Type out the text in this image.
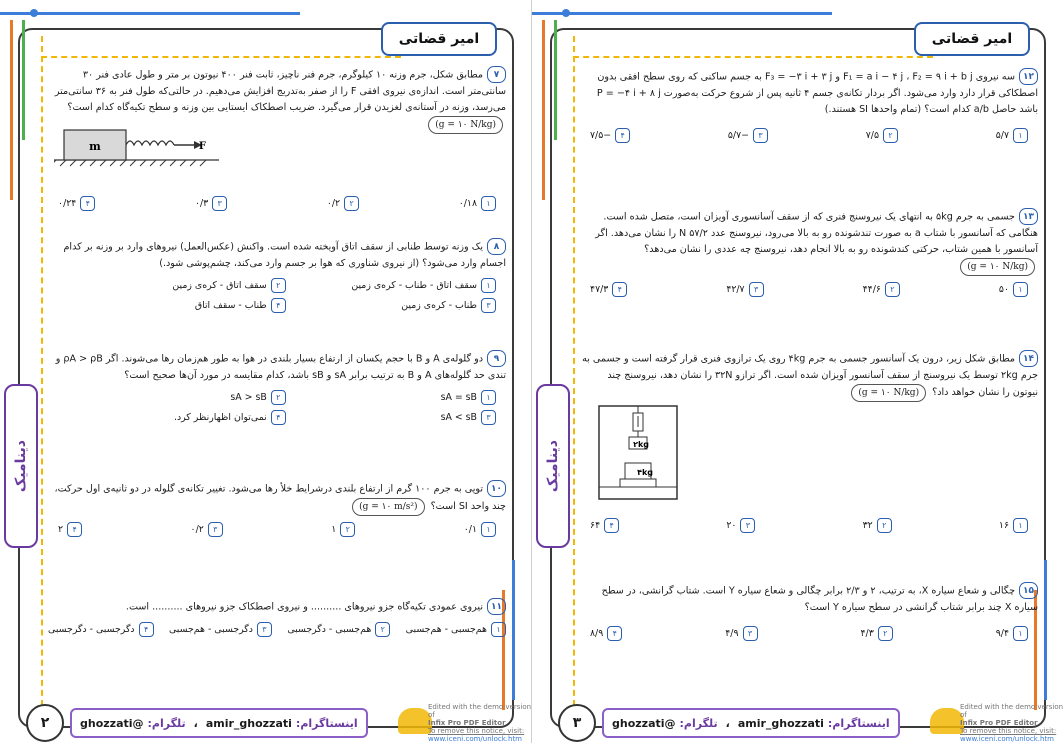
امیر قضاتی
دینامیک
۷مطابق شکل، جرم وزنه ۱۰ کیلوگرم، جرم فنر ناچیز، ثابت فنر ۴۰۰ نیوتون بر متر و طول عادی فنر ۳۰ سانتی‌متر است. اندازه‌ی نیروی افقی F را از صفر به‌تدریج افزایش می‌دهیم. در حالتی‌که طول فنر به ۳۶ سانتی‌متر می‌رسد، وزنه در آستانه‌ی لغزیدن قرار می‌گیرد. ضریب اصطکاک ایستایی بین وزنه و سطح تکیه‌گاه کدام است؟ (g = ۱۰ N/kg)
۱
۰/۱۸
۲
۰/۲
۳
۰/۳
۴
۰/۲۴
m	F
۸یک وزنه توسط طنابی از سقف اتاق آویخته شده است. واکنش (عکس‌العمل) نیروهای وارد بر وزنه بر کدام اجسام وارد می‌شود؟ (از نیروی شناوری که هوا بر جسم وارد می‌کند، چشم‌پوشی شود.)
۱
سقف اتاق - طناب - کره‌ی زمین
۲
سقف اتاق - کره‌ی زمین
۳
طناب - کره‌ی زمین
۴
طناب - سقف اتاق
۹دو گلوله‌ی A و B با حجم یکسان از ارتفاع بسیار بلندی در هوا به طور هم‌زمان رها می‌شوند. اگر ρA > ρB و تندی حد گلوله‌های A و B به ترتیب برابر sA و sB باشد، کدام مقایسه در مورد آن‌ها صحیح است؟
۱
sA = sB
۲
sA > sB
۳
sA < sB
۴
نمی‌توان اظهارنظر کرد.
۱۰توپی به جرم ۱۰۰ گرم از ارتفاع بلندی درشرایط خلأ رها می‌شود. تغییر تکانه‌ی گلوله در دو ثانیه‌ی اول حرکت، چند واحد SI است؟ (g = ۱۰ m/s²)
۱
۰/۱
۲
۱
۳
۰/۲
۴
۲
۱۱نیروی عمودی تکیه‌گاه جزو نیروهای .......... و نیروی اصطکاک جزو نیروهای .......... است.
۱
هم‌جسبی - هم‌جسبی
۲
هم‌جسبی - دگرجسبی
۳
دگرجسبی - هم‌جسبی
۴
دگرجسبی - دگرجسبی
۲	اینستاگرام:
amir_ghozzati
،
تلگرام:
@ghozzati
Edited with the demo version of
Infix Pro PDF Editor
To remove this notice, visit:
www.iceni.com/unlock.htm
امیر قضاتی
دینامیک
۱۲سه نیروی F₁ = a i − ۴ j ، F₂ = ۹ i + b j و F₃ = −۳ i + ۳ j به جسم ساکنی که روی سطح افقی بدون اصطکاکی قرار دارد وارد می‌شود. اگر بردار تکانه‌ی جسم ۴ ثانیه پس از شروع حرکت به‌صورت P = −۴ i + ۸ j باشد حاصل a/b کدام است؟ (تمام واحدها SI هستند.)
۱
۵/۷
۲
۷/۵
۳
−۵/۷
۴
−۷/۵
۱۳جسمی به جرم ۵kg به انتهای یک نیروسنج فنری که از سقف آسانسوری آویزان است، متصل شده است. هنگامی که آسانسور با شتاب a به صورت تندشونده رو به بالا می‌رود، نیروسنج عدد N ۵۷/۲ را نشان می‌دهد. اگر آسانسور با همین شتاب، حرکتی کندشونده رو به بالا انجام دهد، نیروسنج چه عددی را نشان می‌دهد؟ (g = ۱۰ N/kg)
۱
۵۰
۲
۴۴/۶
۳
۴۲/۷
۴
۴۷/۳
۱۴مطابق شکل زیر، درون یک آسانسور جسمی به جرم ۴kg روی یک ترازوی فنری قرار گرفته است و جسمی به جرم ۲kg توسط یک نیروسنج از سقف آسانسور آویزان شده است. اگر ترازو ۳۲N را نشان دهد، نیروسنج چند نیوتون را نشان خواهد داد؟ (g = ۱۰ N/kg)
۱
۱۶
۲
۳۲
۳
۲۰
۴
۶۴
۲kg
۴kg
۱۵چگالی و شعاع سیاره X، به ترتیب، ۲ و ۲/۳ برابر چگالی و شعاع سیاره Y است. شتاب گرانشی، در سطح سیاره X چند برابر شتاب گرانشی در سطح سیاره Y است؟
۱
۹/۴
۲
۴/۳
۳
۴/۹
۴
۸/۹
۳	اینستاگرام:
amir_ghozzati
،
تلگرام:
@ghozzati
Edited with the demo version of
Infix Pro PDF Editor
To remove this notice, visit:
www.iceni.com/unlock.htm
